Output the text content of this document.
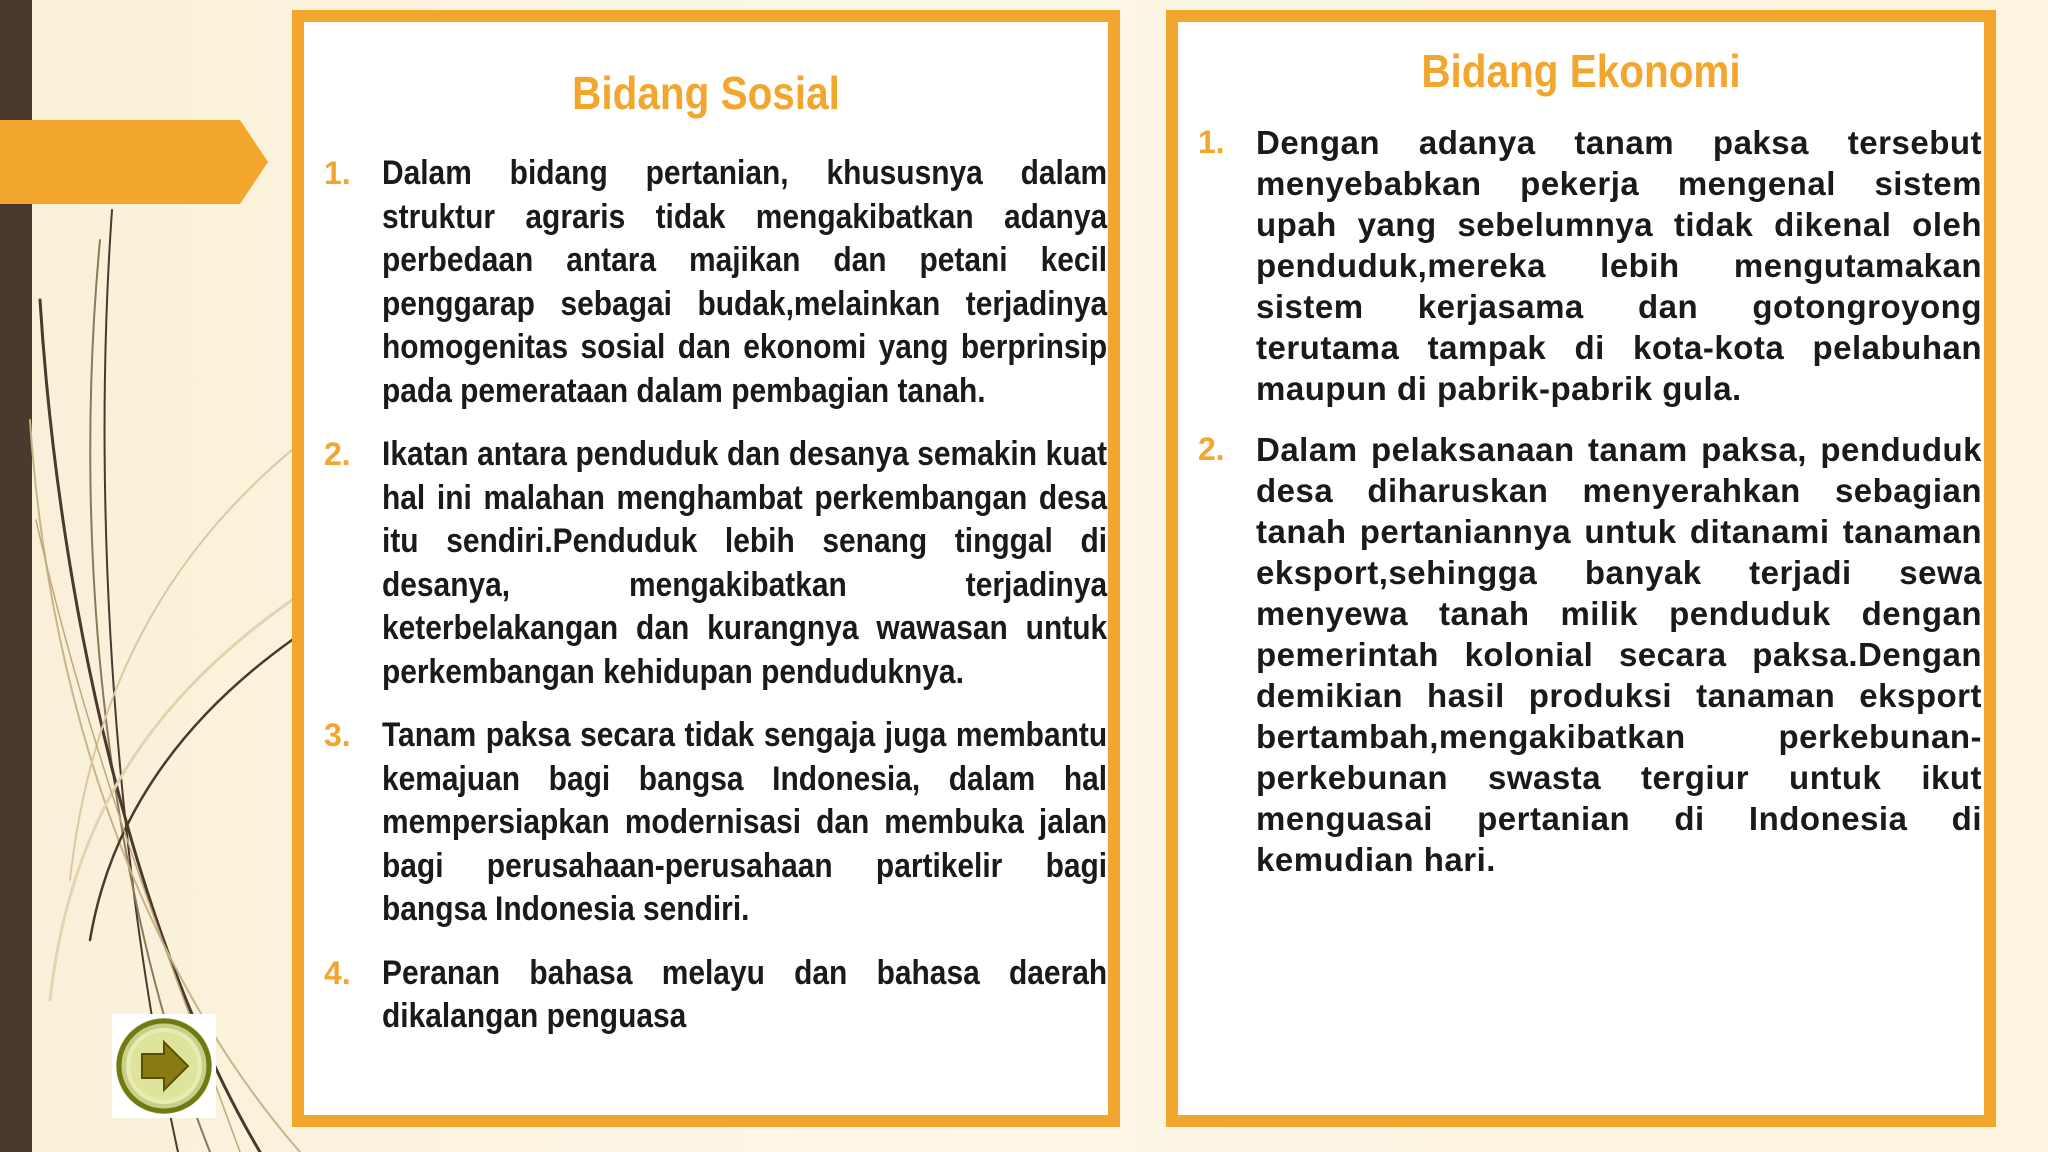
Bidang Sosial
1. Dalam bidang pertanian, khususnya dalam struktur agraris tidak mengakibatkan adanya perbedaan antara majikan dan petani kecil penggarap sebagai budak,melainkan terjadinya homogenitas sosial dan ekonomi yang berprinsip pada pemerataan dalam pembagian tanah.
2. Ikatan antara penduduk dan desanya semakin kuat hal ini malahan menghambat perkembangan desa itu sendiri.Penduduk lebih senang tinggal di desanya, mengakibatkan terjadinya keterbelakangan dan kurangnya wawasan untuk perkembangan kehidupan penduduknya.
3. Tanam paksa secara tidak sengaja juga membantu kemajuan bagi bangsa Indonesia, dalam hal mempersiapkan modernisasi dan membuka jalan bagi perusahaan-perusahaan partikelir bagi bangsa Indonesia sendiri.
4. Peranan bahasa melayu dan bahasa daerah dikalangan penguasa
Bidang Ekonomi
1. Dengan adanya tanam paksa tersebut menyebabkan pekerja mengenal sistem upah yang sebelumnya tidak dikenal oleh penduduk,mereka lebih mengutamakan sistem kerjasama dan gotongroyong terutama tampak di kota-kota pelabuhan maupun di pabrik-pabrik gula.
2. Dalam pelaksanaan tanam paksa, penduduk desa diharuskan menyerahkan sebagian tanah pertaniannya untuk ditanami tanaman eksport,sehingga banyak terjadi sewa menyewa tanah milik penduduk dengan pemerintah kolonial secara paksa.Dengan demikian hasil produksi tanaman eksport bertambah,mengakibatkan perkebunan-perkebunan swasta tergiur untuk ikut menguasai pertanian di Indonesia di kemudian hari.
